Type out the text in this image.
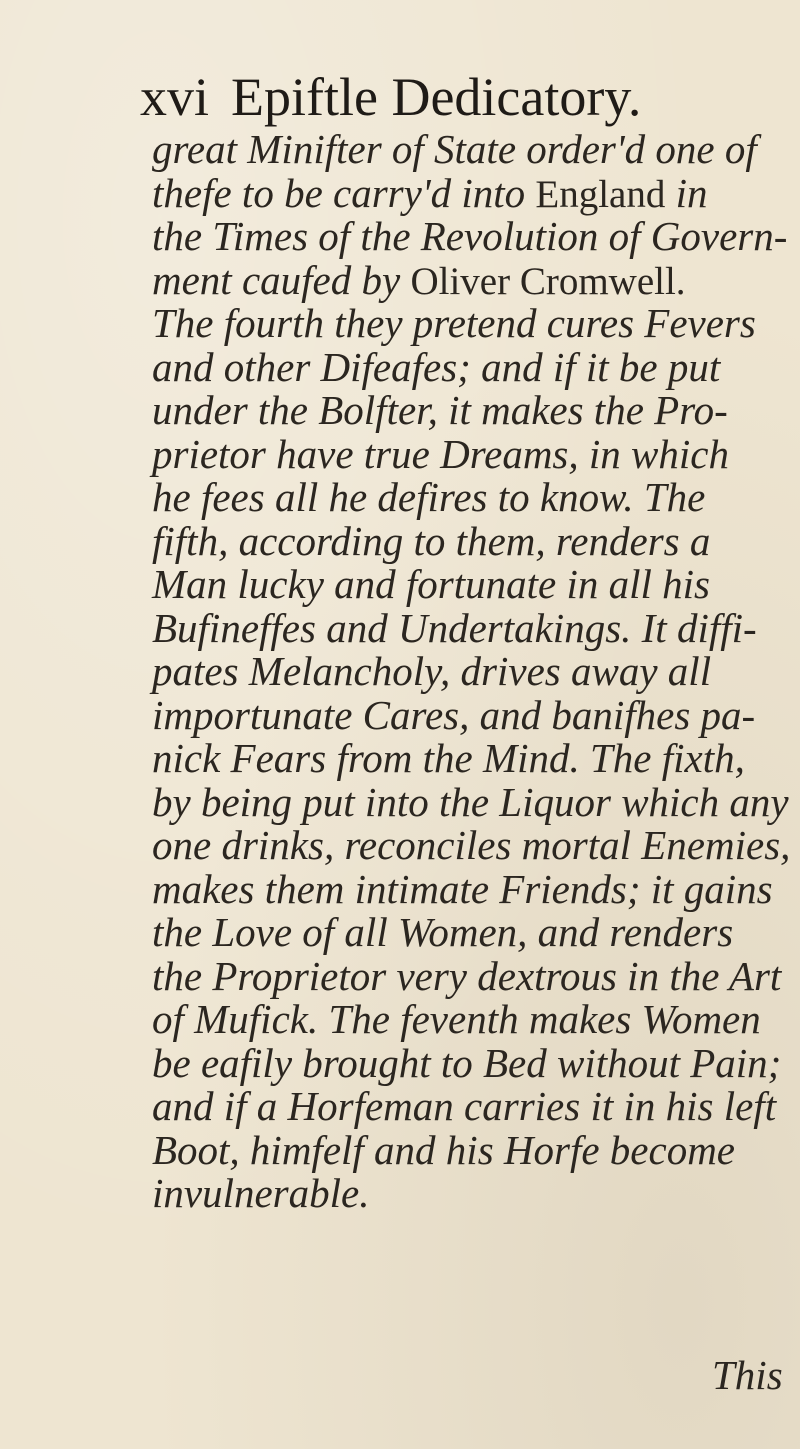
xvi Epiftle Dedicatory.
great Minifter of State order'd one of
thefe to be carry'd into England in
the Times of the Revolution of Govern-
ment caufed by Oliver Cromwell.
The fourth they pretend cures Fevers
and other Difeafes; and if it be put
under the Bolfter, it makes the Pro-
prietor have true Dreams, in which
he fees all he defires to know. The
fifth, according to them, renders a
Man lucky and fortunate in all his
Bufineffes and Undertakings. It diffi-
pates Melancholy, drives away all
importunate Cares, and banifhes pa-
nick Fears from the Mind. The fixth,
by being put into the Liquor which any
one drinks, reconciles mortal Enemies,
makes them intimate Friends; it gains
the Love of all Women, and renders
the Proprietor very dextrous in the Art
of Mufick. The feventh makes Women
be eafily brought to Bed without Pain;
and if a Horfeman carries it in his left
Boot, himfelf and his Horfe become
invulnerable.
This
